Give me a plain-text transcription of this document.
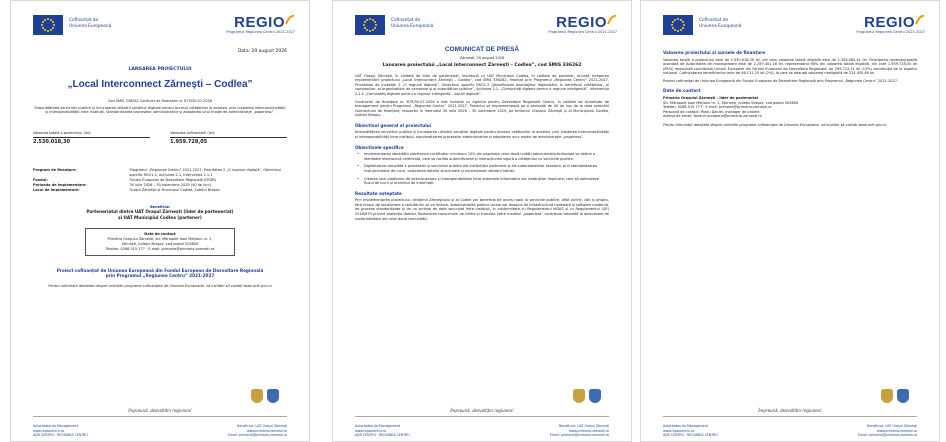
Cofinanțat de
Uniunea Europeană	REGIO
Programul Regiunea Centru 2021-2027
Data: 29 august 2026
LANSAREA PROIECTULUI
„Local Interconnect Zărnești – Codlea”
Cod SMIS 336262 Contract de finanțare nr. 875/30.07.2026
Îmbunătățirea serviciilor publice și încurajarea utilizării soluțiilor digitale pentru accesul cetățenilor la acestea, prin creșterea interconectivității și interoperabilității între instituții, standardizarea proceselor administrative și adoptarea unui model de administrație „paperless”.
Valoarea totală a proiectului (lei):
2.530.018,30
Valoarea cofinanțării (lei):
1.959.728,05
Program de finanțare:	Programul „Regiunea Centru” 2021-2027, Prioritatea 2 „O regiune digitală”, Obiectivul specific RSO1.2, Acțiunea 2.1, Intervenția 2.1.1
Fondul:	Fondul European de Dezvoltare Regională (FEDR)
Perioada de implementare:	30 iulie 2026 – 30 noiembrie 2029 (40 de luni)
Locul de implementare:	Orașul Zărnești și Municipiul Codlea, județul Brașov
Beneficiar
Parteneriatul dintre UAT Orașul Zărnești (lider de parteneriat)
și UAT Municipiul Codlea (partener)
Date de contact
Primăria Orașului Zărnești, str. Mitropolit Ioan Mețianu nr. 1,
Zărnești, județul Brașov, cod poștal 505800
Telefon: 0268 515 777 · E-mail: primaria@primaria-zarnesti.ro
Proiect cofinanțat de Uniunea Europeană din Fondul European de Dezvoltare Regională
prin Programul „Regiunea Centru” 2021-2027
Pentru informații detaliate despre celelalte programe cofinanțate de Uniunea Europeană, vă invităm să vizitați www.mfe.gov.ro
Împreună, dezvoltăm regiunea!
Autoritatea de Management
www.regiocentru.ro
ADR CENTRU · REGIUNEA CENTRU
Beneficiar: UAT Orașul Zărnești
www.primaria-zarnesti.ro
Email: primaria@primaria-zarnesti.ro
Cofinanțat de
Uniunea Europeană	REGIO
Programul Regiunea Centru 2021-2027
COMUNICAT DE PRESĂ
Zărnești, 29 august 2026
Lansarea proiectului „Local Interconnect Zărnești – Codlea”, cod SMIS 336262

UAT Orașul Zărnești, în calitate de lider de parteneriat, împreună cu UAT Municipiul Codlea, în calitate de partener, anunță începerea implementării proiectului „Local Interconnect Zărnești – Codlea”, cod SMIS 336262, finanțat prin Programul „Regiunea Centru” 2021-2027, Prioritatea de investiții 2 „O regiune digitală”, Obiectivul specific RSO1.2 „Valorificarea avantajelor digitalizării, în beneficiul cetățenilor, al companiilor, al organizațiilor de cercetare și al autorităților publice”, Acțiunea 2.1, „Comunități digitale pentru o regiune inteligentă”, Intervenția 2.1.1 „Comunități digitale pentru o regiune inteligentă – soluții digitale”.

Contractul de finanțare nr. 875/30.07.2026 a fost încheiat cu Agenția pentru Dezvoltare Regională Centru, în calitate de Autoritate de management pentru Programul „Regiunea Centru” 2021-2027. Proiectul se implementează pe o perioadă de 40 de luni de la data semnării contractului de finanțare, respectiv în intervalul 30 iulie 2026 – 30 noiembrie 2029, pe teritoriul Orașului Zărnești și al Municipiului Codlea, județul Brașov.

Obiectivul general al proiectului

Îmbunătățirea serviciilor publice și încurajarea utilizării soluțiilor digitale pentru accesul cetățenilor la acestea, prin creșterea interconectivității și interoperabilității între instituții, standardizarea proceselor administrative și adoptarea unui model de administrație „paperless”.

Obiectivele specifice
• Implementarea identității electronice certificate: minimum 10% din populația celor două unități administrativ-teritoriale va deține o identitate electronică certificată, care va facilita autentificarea și interacțiunea sigură a cetățenilor cu serviciile publice.
• Digitalizarea completă a proceselor și serviciilor publice ale instituțiilor partenere și ale subordonatelor acestora, prin standardizarea instrumentelor de lucru, colectarea datelor structurate și minimizarea utilizării hârtiei.
• Crearea unei platforme de interconectare și interoperabilitate între sistemele informatice ale instituțiilor implicate, care să optimizeze fluxul de lucru și schimbul de informații.
Rezultate așteptate

Prin implementarea proiectului, cetățenii Zărneștiului și ai Codlei vor beneficia de acces rapid la serviciile publice, aflat online, câți și ghișeu, fără timpul de soluționare a solicitărilor se va reduce. Administrațiile publice locale vor dispune de infrastructură hardware și software modernă, de procese standardizate și de un schimb de date securizat între instituții, în conformitate cu Regulamentul eIDAS și cu Regulamentul (UE) 2016/679 privind protecția datelor. Reducerea consumului de hârtie și tranziția către modelul „paperless” contribuie totodată la obiectivele de sustenabilitate ale celor două comunități.

Împreună, dezvoltăm regiunea!
Autoritatea de Management
www.regiocentru.ro
ADR CENTRU · REGIUNEA CENTRU
Beneficiar: UAT Orașul Zărnești
www.primaria-zarnesti.ro
Email: primaria@primaria-zarnesti.ro
Cofinanțat de
Uniunea Europeană	REGIO
Programul Regiunea Centru 2021-2027
Valoarea proiectului și sursele de finanțare

Valoarea totală a proiectului este de 2.530.018,30 lei, din care valoarea totală eligibilă este de 2.305.562,41 lei. Finanțarea nerambursabilă acordată de Autoritatea de management este de 2.259.451,16 lei, reprezentând 98% din valoarea totală eligibilă, din care 1.959.728,05 lei (85%) reprezintă contribuția Uniunii Europene din Fondul European de Dezvoltare Regională, iar 299.723,11 lei (13%) contribuția de la bugetul național. Cofinanțarea beneficiarilor este de 46.111,25 lei (2%), la care se adaugă valoarea neeligibilă de 224.455,89 lei.

Proiect cofinanțat de Uniunea Europeană din Fondul European de Dezvoltare Regională prin Programul „Regiunea Centru” 2021-2027.

Date de contact
Primăria Orașului Zărnești – lider de parteneriat
Str. Mitropolit Ioan Mețianu nr. 1, Zărnești, județul Brașov, cod poștal 505800
Telefon: 0268 515 777 · E-mail: primaria@primaria-zarnesti.ro
Persoană de contact: Postu Daniel, manager de proiect
Adresa de email: fonduri.europene@primaria-zarnesti.ro
Pentru informații detaliate despre celelalte programe cofinanțate de Uniunea Europeană, vă invităm să vizitați www.mfe.gov.ro
Împreună, dezvoltăm regiunea!
Autoritatea de Management
www.regiocentru.ro
ADR CENTRU · REGIUNEA CENTRU
Beneficiar: UAT Orașul Zărnești
www.primaria-zarnesti.ro
Email: primaria@primaria-zarnesti.ro
